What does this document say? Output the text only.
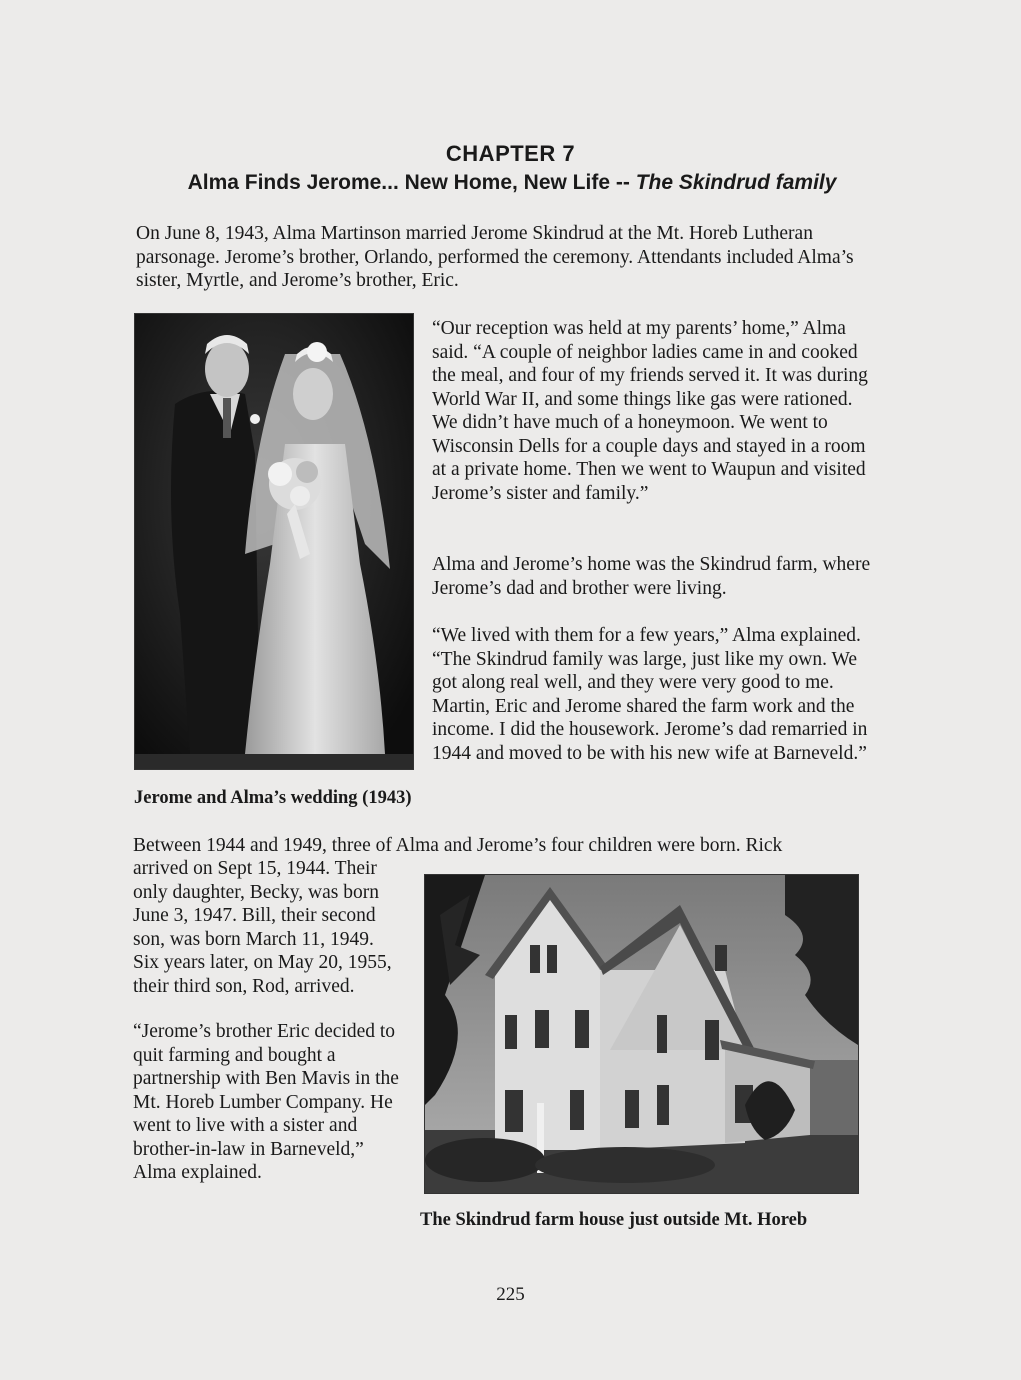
CHAPTER 7
Alma Finds Jerome... New Home, New Life -- The Skindrud family

On June 8, 1943, Alma Martinson married Jerome Skindrud at the Mt. Horeb Lutheran parsonage. Jerome’s brother, Orlando, performed the ceremony. Attendants included Alma’s sister, Myrtle, and Jerome’s brother, Eric.

Jerome and Alma’s wedding (1943)

“Our reception was held at my parents’ home,” Alma said. “A couple of neighbor ladies came in and cooked the meal, and four of my friends served it. It was during World War II, and some things like gas were rationed. We didn’t have much of a honeymoon. We went to Wisconsin Dells for a couple days and stayed in a room at a private home. Then we went to Waupun and visited Jerome’s sister and family.”

Alma and Jerome’s home was the Skindrud farm, where Jerome’s dad and brother were living.

“We lived with them for a few years,” Alma explained. “The Skindrud family was large, just like my own. We got along real well, and they were very good to me. Martin, Eric and Jerome shared the farm work and the income. I did the housework. Jerome’s dad remarried in 1944 and moved to be with his new wife at Barneveld.”

Between 1944 and 1949, three of Alma and Jerome’s four children were born. Rick

arrived on Sept 15, 1944. Their only daughter, Becky, was born June 3, 1947. Bill, their second son, was born March 11, 1949. Six years later, on May 20, 1955, their third son, Rod, arrived.

“Jerome’s brother Eric decided to quit farming and bought a partnership with Ben Mavis in the Mt. Horeb Lumber Company. He went to live with a sister and brother-in-law in Barneveld,” Alma explained.

The Skindrud farm house just outside Mt. Horeb
225
